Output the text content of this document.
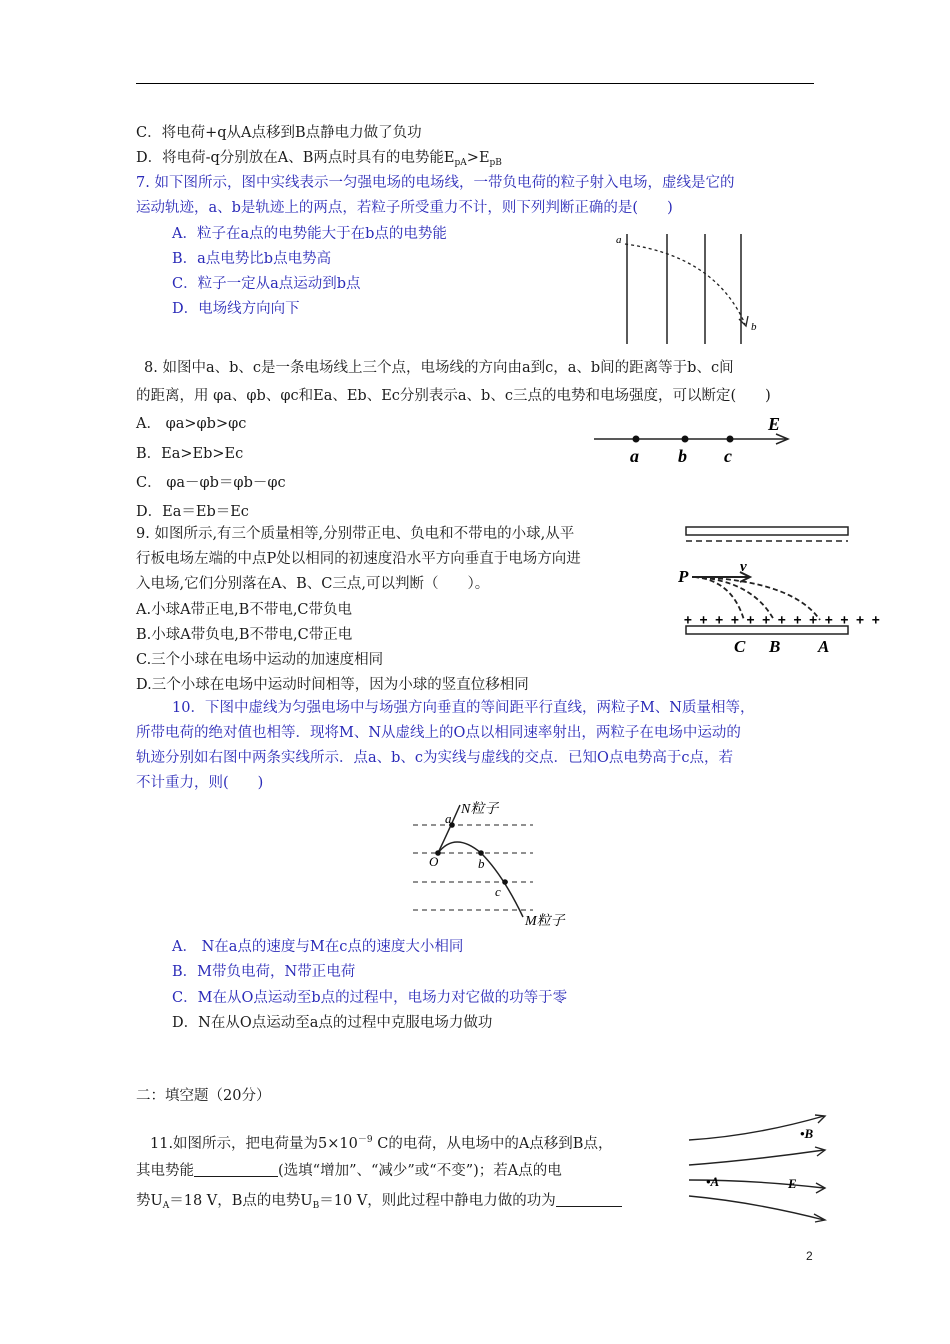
C．将电荷+q从A点移到B点静电力做了负功
D．将电荷-q分别放在A、B两点时具有的电势能$E_{pA}>E_{pB}$
7. 如下图所示，图中实线表示一匀强电场的电场线，一带负电荷的粒子射入电场，虚线是它的
运动轨迹，a、b是轨迹上的两点，若粒子所受重力不计，则下列判断正确的是(　　)
A．粒子在a点的电势能大于在b点的电势能
B．a点电势比b点电势高
C．粒子一定从a点运动到b点
D．电场线方向向下
a
b
8. 如图中a、b、c是一条电场线上三个点，电场线的方向由a到c，a、b间的距离等于b、c间
的距离，用 φa、φb、φc和Ea、Eb、Ec分别表示a、b、c三点的电势和电场强度，可以断定(　　)
A． φa>φb>φc
B．Ea>Eb>Ec
C． φa－φb＝φb－φc
D．Ea＝Eb＝Ec
E
a b c
9. 如图所示,有三个质量相等,分别带正电、负电和不带电的小球,从平
行板电场左端的中点P处以相同的初速度沿水平方向垂直于电场方向进
入电场,它们分别落在A、B、C三点,可以判断（　　）。
A.小球A带正电,B不带电,C带负电
B.小球A带负电,B不带电,C带正电
C.三个小球在电场中运动的加速度相同
D.三个小球在电场中运动时间相等，因为小球的竖直位移相同
P	v
+ + + + + + + + + + + + +
C B A
10．下图中虚线为匀强电场中与场强方向垂直的等间距平行直线，两粒子M、N质量相等，
所带电荷的绝对值也相等．现将M、N从虚线上的O点以相同速率射出，两粒子在电场中运动的
轨迹分别如右图中两条实线所示．点a、b、c为实线与虚线的交点．已知O点电势高于c点，若
不计重力，则(　　)
N粒子
M粒子
O
a
b
c
A． N在a点的速度与M在c点的速度大小相同
B．M带负电荷，N带正电荷
C．M在从O点运动至b点的过程中，电场力对它做的功等于零
D．N在从O点运动至a点的过程中克服电场力做功
二：填空题（20分）
11.如图所示，把电荷量为$5\times 10^{-9}$ C的电荷，从电场中的A点移到B点，
其电势能	(选填“增加”、“减少”或“不变”)；若A点的电
势$U_A=18$ V，B点的电势$U_B=10$ V，则此过程中静电力做的功为
•B
•A	E
2
